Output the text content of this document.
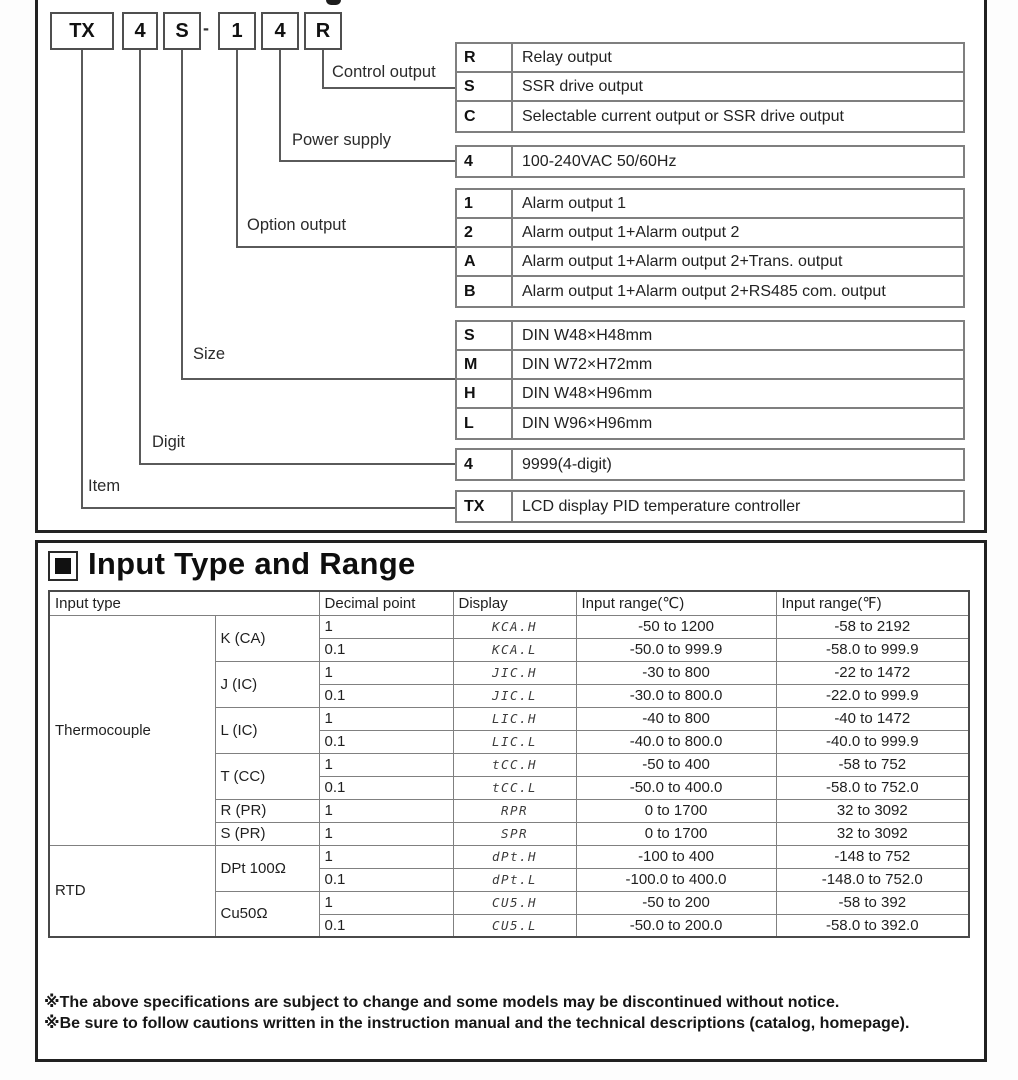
TX	4	S	1	4	R
-
Control output
R	Relay output
S	SSR drive output
C	Selectable current output or SSR drive output
Power supply
4	100-240VAC 50/60Hz
Option output
1	Alarm output 1
2	Alarm output 1+Alarm output 2
A	Alarm output 1+Alarm output 2+Trans. output
B	Alarm output 1+Alarm output 2+RS485 com. output
Size
S	DIN W48×H48mm
M	DIN W72×H72mm
H	DIN W48×H96mm
L	DIN W96×H96mm
Digit
4	9999(4-digit)
Item
TX	LCD display PID temperature controller
Input Type and Range
Input type		Decimal point	Display	Input range(℃)	Input range(℉)
Thermocouple	K (CA)	1	KCA.H	-50 to 1200	-58 to 2192
		0.1	KCA.L	-50.0 to 999.9	-58.0 to 999.9
	J (IC)	1	JIC.H	-30 to 800	-22 to 1472
		0.1	JIC.L	-30.0 to 800.0	-22.0 to 999.9
	L (IC)	1	LIC.H	-40 to 800	-40 to 1472
		0.1	LIC.L	-40.0 to 800.0	-40.0 to 999.9
	T (CC)	1	tCC.H	-50 to 400	-58 to 752
		0.1	tCC.L	-50.0 to 400.0	-58.0 to 752.0
	R (PR)	1	RPR	0 to 1700	32 to 3092
	S (PR)	1	SPR	0 to 1700	32 to 3092
RTD	DPt 100Ω	1	dPt.H	-100 to 400	-148 to 752
		0.1	dPt.L	-100.0 to 400.0	-148.0 to 752.0
	Cu50Ω	1	CU5.H	-50 to 200	-58 to 392
		0.1	CU5.L	-50.0 to 200.0	-58.0 to 392.0
※The above specifications are subject to change and some models may be discontinued without notice.
※Be sure to follow cautions written in the instruction manual and the technical descriptions (catalog, homepage).
